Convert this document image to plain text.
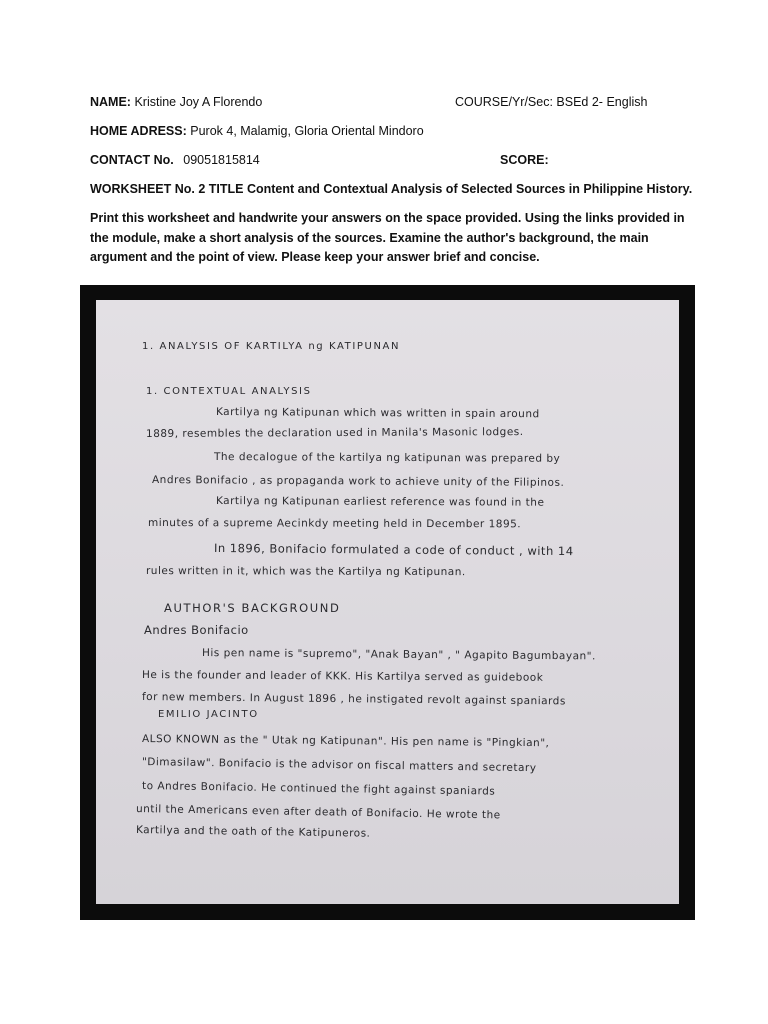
NAME: Kristine Joy A Florendo	COURSE/Yr/Sec: BSEd 2- English
HOME ADRESS: Purok 4, Malamig, Gloria Oriental Mindoro
CONTACT No. 09051815814	SCORE:
WORKSHEET No. 2 TITLE Content and Contextual Analysis of Selected Sources in Philippine History.
Print this worksheet and handwrite your answers on the space provided. Using the links provided in the module, make a short analysis of the sources. Examine the author's background, the main argument and the point of view. Please keep your answer brief and concise.
1. ANALYSIS OF KARTILYA ng KATIPUNAN
1. CONTEXTUAL ANALYSIS
Kartilya ng Katipunan which was written in spain around
1889, resembles the declaration used in Manila's Masonic lodges.
The decalogue of the kartilya ng katipunan was prepared by
Andres Bonifacio , as propaganda work to achieve unity of the Filipinos.
Kartilya ng Katipunan earliest reference was found in the
minutes of a supreme Aecinkdy meeting held in December 1895.
In 1896, Bonifacio formulated a code of conduct , with 14
rules written in it, which was the Kartilya ng Katipunan.
AUTHOR'S BACKGROUND
Andres Bonifacio
His pen name is "supremo", "Anak Bayan" , " Agapito Bagumbayan".
He is the founder and leader of KKK. His Kartilya served as guidebook
for new members. In August 1896 , he instigated revolt against spaniards
EMILIO JACINTO
ALSO KNOWN as the " Utak ng Katipunan". His pen name is "Pingkian",
"Dimasilaw". Bonifacio is the advisor on fiscal matters and secretary
to Andres Bonifacio. He continued the fight against spaniards
until the Americans even after death of Bonifacio. He wrote the
Kartilya and the oath of the Katipuneros.
